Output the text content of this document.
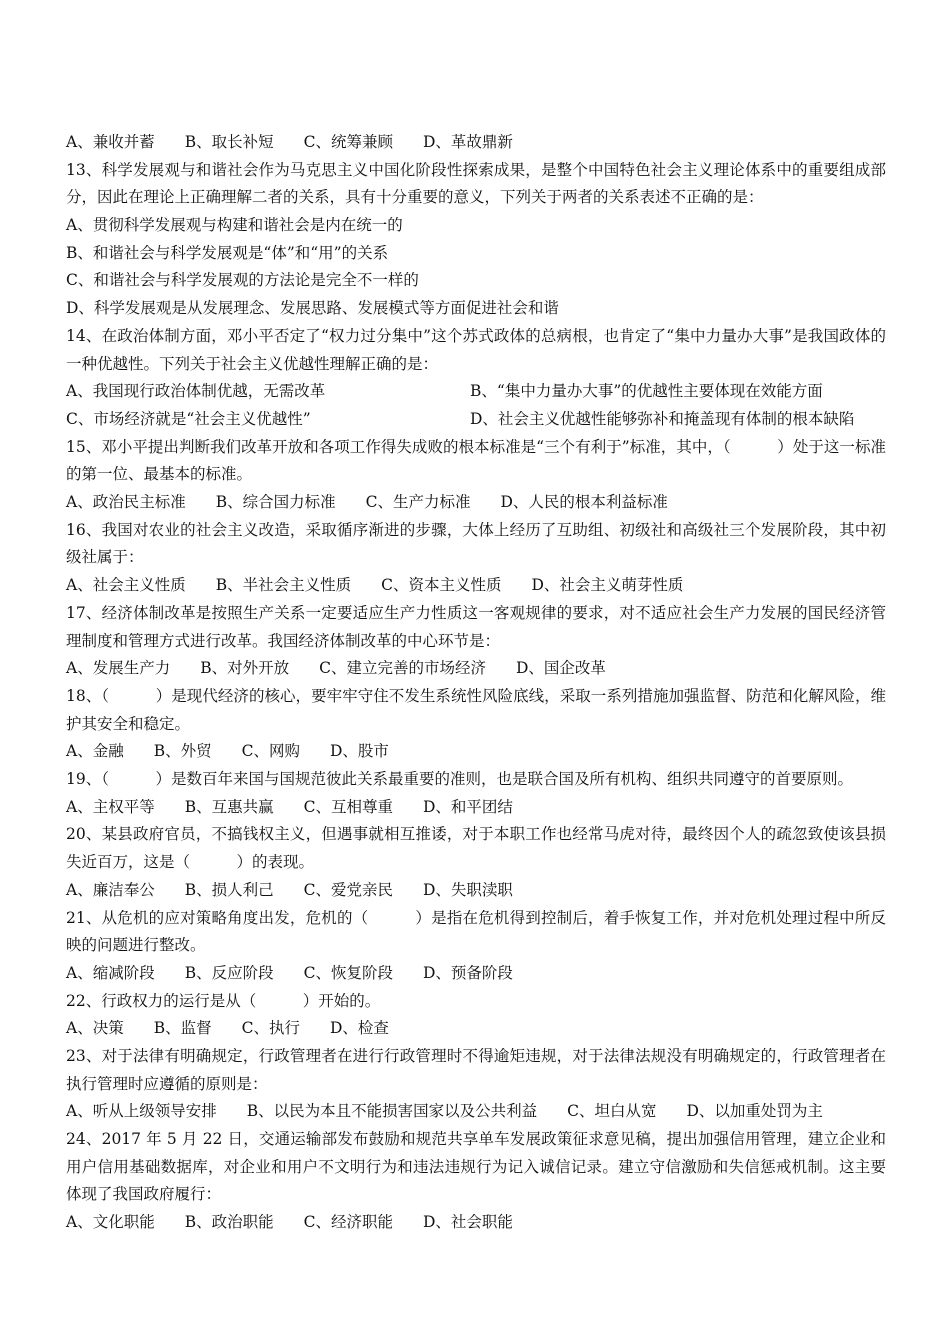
A、兼收并蓄 B、取长补短 C、统筹兼顾 D、革故鼎新
13、科学发展观与和谐社会作为马克思主义中国化阶段性探索成果，是整个中国特色社会主义理论体系中的重要组成部分，因此在理论上正确理解二者的关系，具有十分重要的意义，下列关于两者的关系表述不正确的是：
A、贯彻科学发展观与构建和谐社会是内在统一的
B、和谐社会与科学发展观是“体”和“用”的关系
C、和谐社会与科学发展观的方法论是完全不一样的
D、科学发展观是从发展理念、发展思路、发展模式等方面促进社会和谐
14、在政治体制方面，邓小平否定了“权力过分集中”这个苏式政体的总病根，也肯定了“集中力量办大事”是我国政体的一种优越性。下列关于社会主义优越性理解正确的是：
A、我国现行政治体制优越，无需改革	B、“集中力量办大事”的优越性主要体现在效能方面
C、市场经济就是“社会主义优越性”	D、社会主义优越性能够弥补和掩盖现有体制的根本缺陷
15、邓小平提出判断我们改革开放和各项工作得失成败的根本标准是“三个有利于”标准，其中，（　　　）处于这一标准的第一位、最基本的标准。
A、政治民主标准 B、综合国力标准 C、生产力标准 D、人民的根本利益标准
16、我国对农业的社会主义改造，采取循序渐进的步骤，大体上经历了互助组、初级社和高级社三个发展阶段，其中初级社属于：
A、社会主义性质 B、半社会主义性质 C、资本主义性质 D、社会主义萌芽性质
17、经济体制改革是按照生产关系一定要适应生产力性质这一客观规律的要求，对不适应社会生产力发展的国民经济管理制度和管理方式进行改革。我国经济体制改革的中心环节是：
A、发展生产力 B、对外开放 C、建立完善的市场经济 D、国企改革
18、（　　　）是现代经济的核心，要牢牢守住不发生系统性风险底线，采取一系列措施加强监督、防范和化解风险，维护其安全和稳定。
A、金融 B、外贸 C、网购 D、股市
19、（　　　）是数百年来国与国规范彼此关系最重要的准则，也是联合国及所有机构、组织共同遵守的首要原则。
A、主权平等 B、互惠共赢 C、互相尊重 D、和平团结
20、某县政府官员，不搞钱权主义，但遇事就相互推诿，对于本职工作也经常马虎对待，最终因个人的疏忽致使该县损失近百万，这是（　　　）的表现。
A、廉洁奉公 B、损人利己 C、爱党亲民 D、失职渎职
21、从危机的应对策略角度出发，危机的（　　　）是指在危机得到控制后，着手恢复工作，并对危机处理过程中所反映的问题进行整改。
A、缩减阶段 B、反应阶段 C、恢复阶段 D、预备阶段
22、行政权力的运行是从（　　　）开始的。
A、决策 B、监督 C、执行 D、检查
23、对于法律有明确规定，行政管理者在进行行政管理时不得逾矩违规，对于法律法规没有明确规定的，行政管理者在执行管理时应遵循的原则是：
A、听从上级领导安排 B、以民为本且不能损害国家以及公共利益 C、坦白从宽 D、以加重处罚为主
24、2017 年 5 月 22 日，交通运输部发布鼓励和规范共享单车发展政策征求意见稿，提出加强信用管理，建立企业和用户信用基础数据库，对企业和用户不文明行为和违法违规行为记入诚信记录。建立守信激励和失信惩戒机制。这主要体现了我国政府履行：
A、文化职能 B、政治职能 C、经济职能 D、社会职能
